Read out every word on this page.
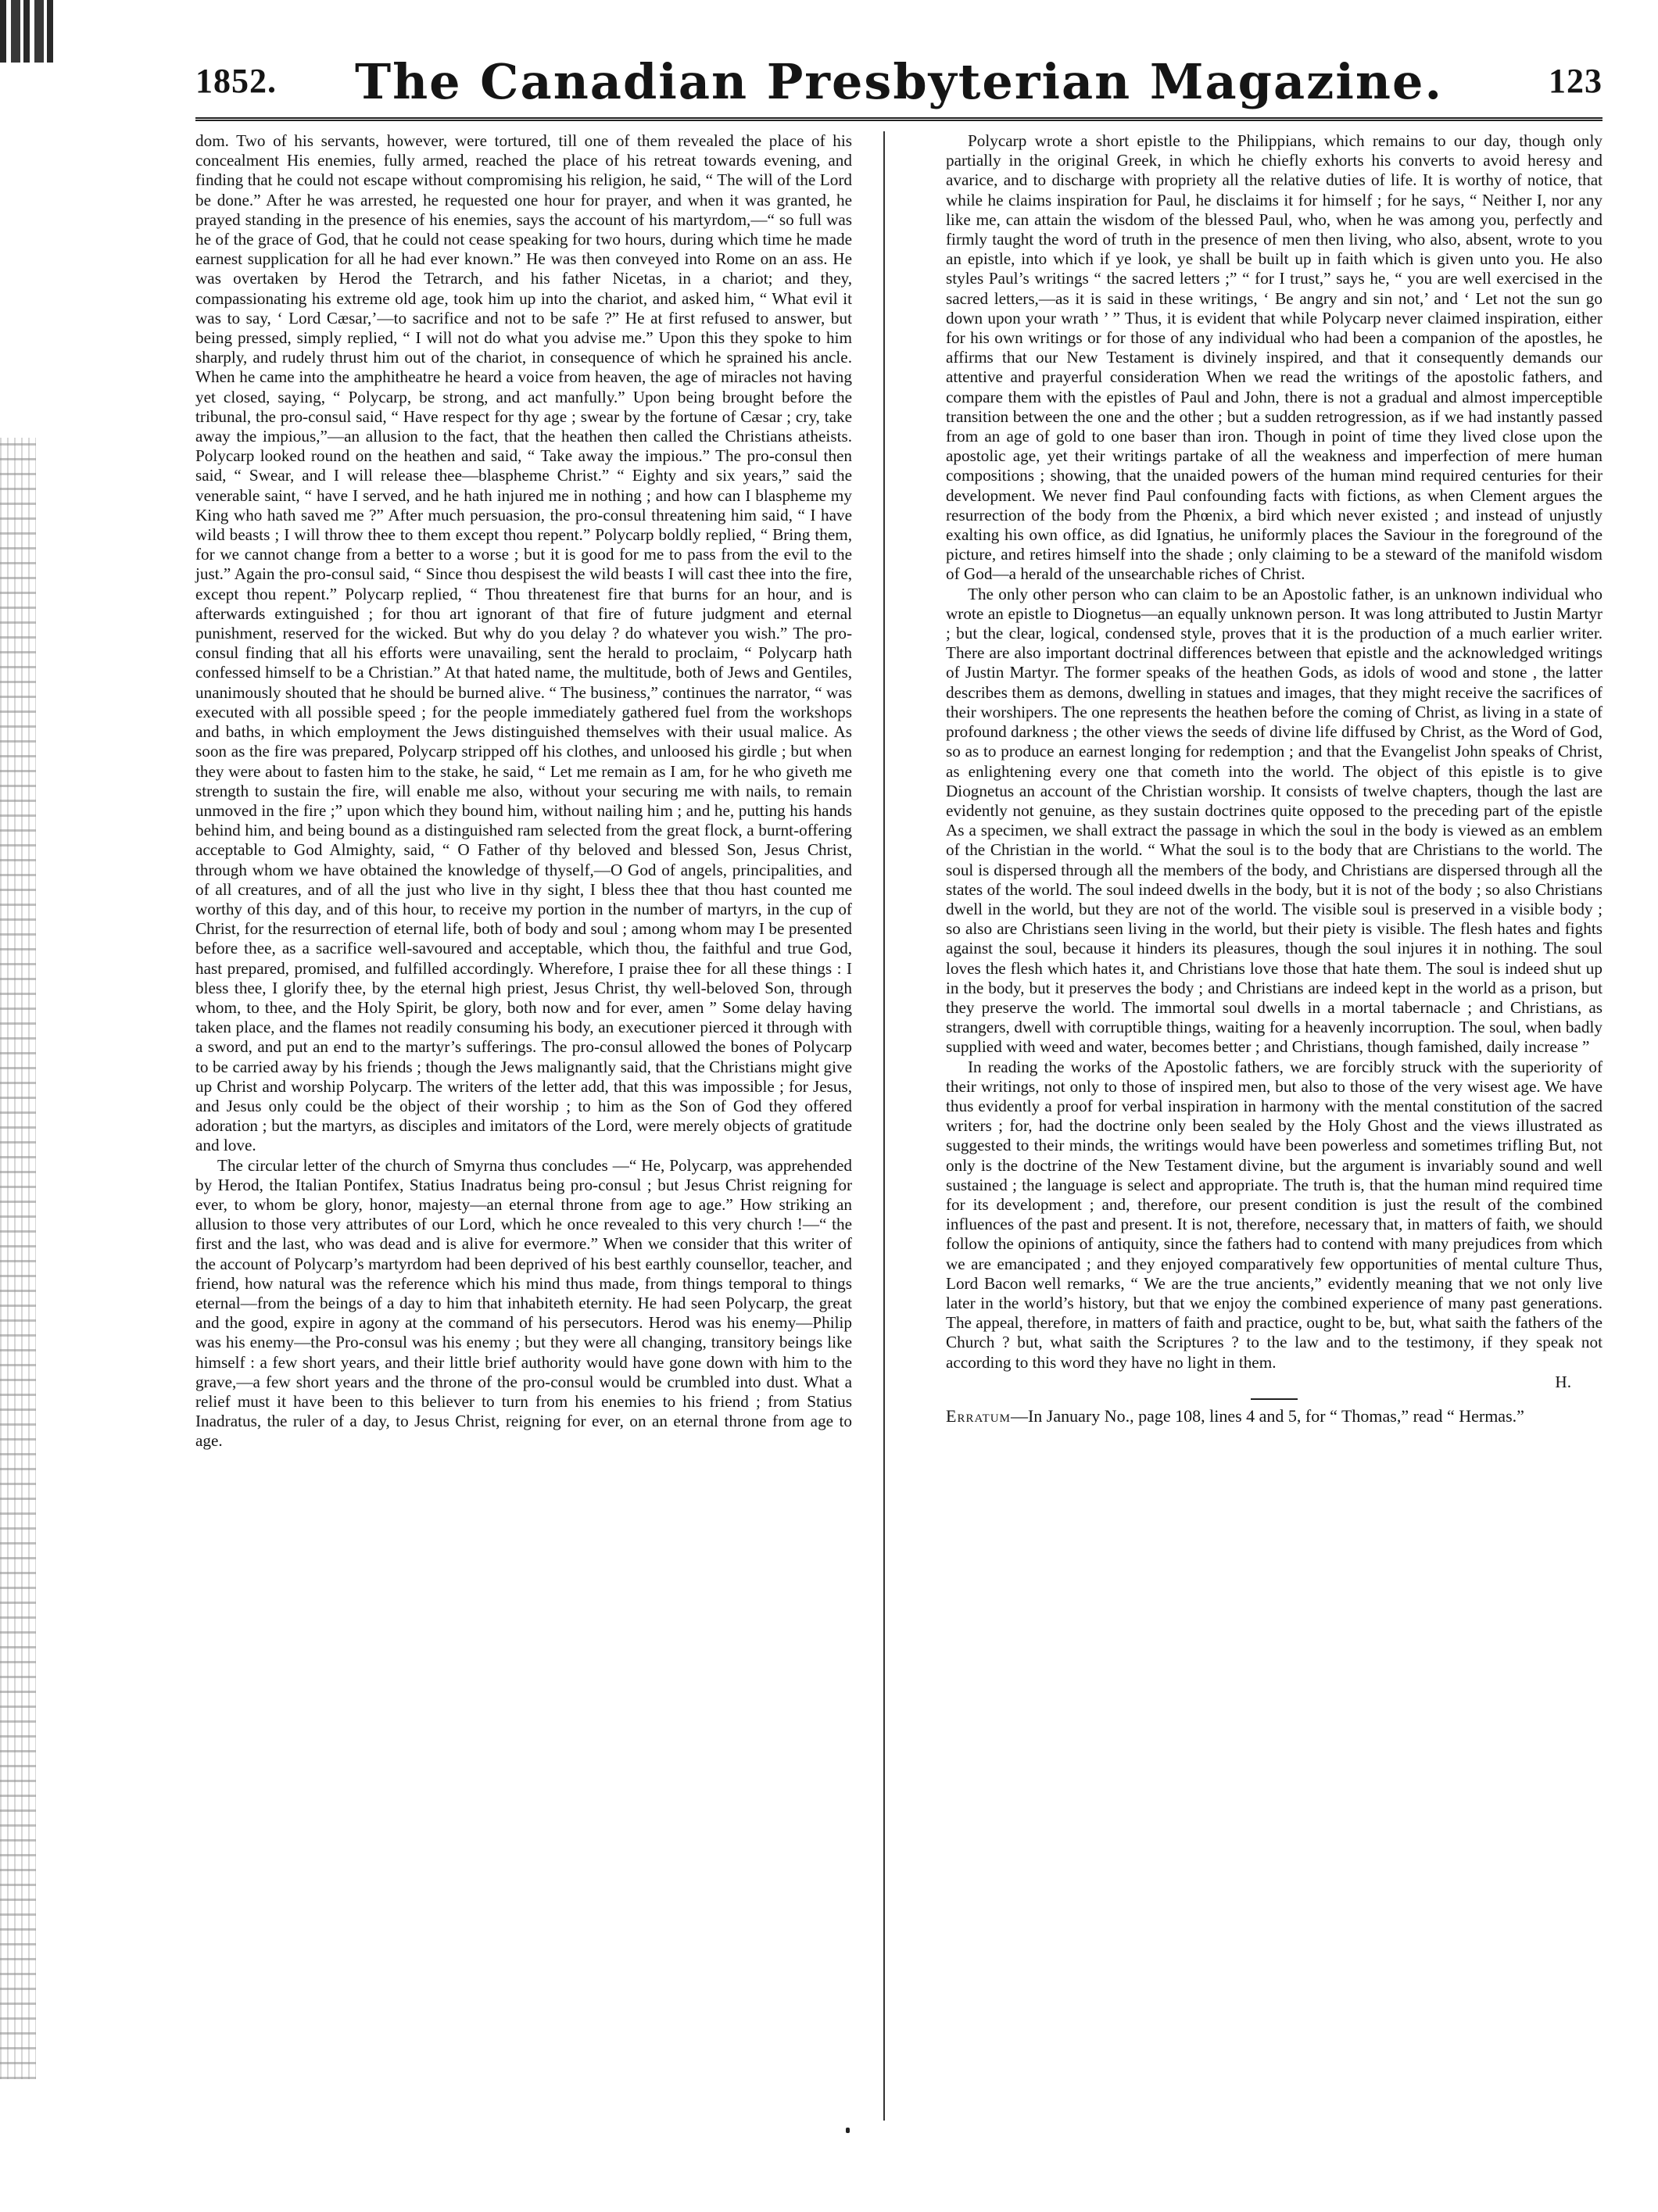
1852.	The Canadian Presbyterian Magazine.	123

dom. Two of his servants, however, were tortured, till one of them revealed the place of his concealment His enemies, fully armed, reached the place of his retreat towards evening, and finding that he could not escape without compromising his religion, he said, “ The will of the Lord be done.” After he was arrested, he requested one hour for prayer, and when it was granted, he prayed standing in the presence of his enemies, says the account of his martyrdom,—“ so full was he of the grace of God, that he could not cease speaking for two hours, during which time he made earnest supplication for all he had ever known.” He was then conveyed into Rome on an ass. He was overtaken by Herod the Tetrarch, and his father Nicetas, in a chariot; and they, compassionating his extreme old age, took him up into the chariot, and asked him, “ What evil it was to say, ‘ Lord Cæsar,’—to sacrifice and not to be safe ?” He at first refused to answer, but being pressed, simply replied, “ I will not do what you advise me.” Upon this they spoke to him sharply, and rudely thrust him out of the chariot, in consequence of which he sprained his ancle. When he came into the amphitheatre he heard a voice from heaven, the age of miracles not having yet closed, saying, “ Polycarp, be strong, and act manfully.” Upon being brought before the tribunal, the pro-consul said, “ Have respect for thy age ; swear by the fortune of Cæsar ; cry, take away the impious,”—an allusion to the fact, that the heathen then called the Christians atheists. Polycarp looked round on the heathen and said, “ Take away the impious.” The pro-consul then said, “ Swear, and I will release thee—blaspheme Christ.” “ Eighty and six years,” said the venerable saint, “ have I served, and he hath injured me in nothing ; and how can I blaspheme my King who hath saved me ?” After much persuasion, the pro-consul threatening him said, “ I have wild beasts ; I will throw thee to them except thou repent.” Polycarp boldly replied, “ Bring them, for we cannot change from a better to a worse ; but it is good for me to pass from the evil to the just.” Again the pro-consul said, “ Since thou despisest the wild beasts I will cast thee into the fire, except thou repent.” Polycarp replied, “ Thou threatenest fire that burns for an hour, and is afterwards extinguished ; for thou art ignorant of that fire of future judgment and eternal punishment, reserved for the wicked. But why do you delay ? do whatever you wish.” The pro-consul finding that all his efforts were unavailing, sent the herald to proclaim, “ Polycarp hath confessed himself to be a Christian.” At that hated name, the multitude, both of Jews and Gentiles, unanimously shouted that he should be burned alive. “ The business,” continues the narrator, “ was executed with all possible speed ; for the people immediately gathered fuel from the workshops and baths, in which employment the Jews distinguished themselves with their usual malice. As soon as the fire was prepared, Polycarp stripped off his clothes, and unloosed his girdle ; but when they were about to fasten him to the stake, he said, “ Let me remain as I am, for he who giveth me strength to sustain the fire, will enable me also, without your securing me with nails, to remain unmoved in the fire ;” upon which they bound him, without nailing him ; and he, putting his hands behind him, and being bound as a distinguished ram selected from the great flock, a burnt-offering acceptable to God Almighty, said, “ O Father of thy beloved and blessed Son, Jesus Christ, through whom we have obtained the knowledge of thyself,—O God of angels, principalities, and of all creatures, and of all the just who live in thy sight, I bless thee that thou hast counted me worthy of this day, and of this hour, to receive my portion in the number of martyrs, in the cup of Christ, for the resurrection of eternal life, both of body and soul ; among whom may I be presented before thee, as a sacrifice well-savoured and acceptable, which thou, the faithful and true God, hast prepared, promised, and fulfilled accordingly. Wherefore, I praise thee for all these things : I bless thee, I glorify thee, by the eternal high priest, Jesus Christ, thy well-beloved Son, through whom, to thee, and the Holy Spirit, be glory, both now and for ever, amen ” Some delay having taken place, and the flames not readily consuming his body, an executioner pierced it through with a sword, and put an end to the martyr’s sufferings. The pro-consul allowed the bones of Polycarp to be carried away by his friends ; though the Jews malignantly said, that the Christians might give up Christ and worship Polycarp. The writers of the letter add, that this was impossible ; for Jesus, and Jesus only could be the object of their worship ; to him as the Son of God they offered adoration ; but the martyrs, as disciples and imitators of the Lord, were merely objects of gratitude and love.

The circular letter of the church of Smyrna thus concludes —“ He, Polycarp, was apprehended by Herod, the Italian Pontifex, Statius Inadratus being pro-consul ; but Jesus Christ reigning for ever, to whom be glory, honor, majesty—an eternal throne from age to age.” How striking an allusion to those very attributes of our Lord, which he once revealed to this very church !—“ the first and the last, who was dead and is alive for evermore.” When we consider that this writer of the account of Polycarp’s martyrdom had been deprived of his best earthly counsellor, teacher, and friend, how natural was the reference which his mind thus made, from things temporal to things eternal—from the beings of a day to him that inhabiteth eternity. He had seen Polycarp, the great and the good, expire in agony at the command of his persecutors. Herod was his enemy—Philip was his enemy—the Pro-consul was his enemy ; but they were all changing, transitory beings like himself : a few short years, and their little brief authority would have gone down with him to the grave,—a few short years and the throne of the pro-consul would be crumbled into dust. What a relief must it have been to this believer to turn from his enemies to his friend ; from Statius Inadratus, the ruler of a day, to Jesus Christ, reigning for ever, on an eternal throne from age to age.

Polycarp wrote a short epistle to the Philippians, which remains to our day, though only partially in the original Greek, in which he chiefly exhorts his converts to avoid heresy and avarice, and to discharge with propriety all the relative duties of life. It is worthy of notice, that while he claims inspiration for Paul, he disclaims it for himself ; for he says, “ Neither I, nor any like me, can attain the wisdom of the blessed Paul, who, when he was among you, perfectly and firmly taught the word of truth in the presence of men then living, who also, absent, wrote to you an epistle, into which if ye look, ye shall be built up in faith which is given unto you. He also styles Paul’s writings “ the sacred letters ;” “ for I trust,” says he, “ you are well exercised in the sacred letters,—as it is said in these writings, ‘ Be angry and sin not,’ and ‘ Let not the sun go down upon your wrath ’ ” Thus, it is evident that while Polycarp never claimed inspiration, either for his own writings or for those of any individual who had been a companion of the apostles, he affirms that our New Testament is divinely inspired, and that it consequently demands our attentive and prayerful consideration When we read the writings of the apostolic fathers, and compare them with the epistles of Paul and John, there is not a gradual and almost imperceptible transition between the one and the other ; but a sudden retrogression, as if we had instantly passed from an age of gold to one baser than iron. Though in point of time they lived close upon the apostolic age, yet their writings partake of all the weakness and imperfection of mere human compositions ; showing, that the unaided powers of the human mind required centuries for their development. We never find Paul confounding facts with fictions, as when Clement argues the resurrection of the body from the Phœnix, a bird which never existed ; and instead of unjustly exalting his own office, as did Ignatius, he uniformly places the Saviour in the foreground of the picture, and retires himself into the shade ; only claiming to be a steward of the manifold wisdom of God—a herald of the unsearchable riches of Christ.

The only other person who can claim to be an Apostolic father, is an unknown individual who wrote an epistle to Diognetus—an equally unknown person. It was long attributed to Justin Martyr ; but the clear, logical, condensed style, proves that it is the production of a much earlier writer. There are also important doctrinal differences between that epistle and the acknowledged writings of Justin Martyr. The former speaks of the heathen Gods, as idols of wood and stone , the latter describes them as demons, dwelling in statues and images, that they might receive the sacrifices of their worshipers. The one represents the heathen before the coming of Christ, as living in a state of profound darkness ; the other views the seeds of divine life diffused by Christ, as the Word of God, so as to produce an earnest longing for redemption ; and that the Evangelist John speaks of Christ, as enlightening every one that cometh into the world. The object of this epistle is to give Diognetus an account of the Christian worship. It consists of twelve chapters, though the last are evidently not genuine, as they sustain doctrines quite opposed to the preceding part of the epistle As a specimen, we shall extract the passage in which the soul in the body is viewed as an emblem of the Christian in the world. “ What the soul is to the body that are Christians to the world. The soul is dispersed through all the members of the body, and Christians are dispersed through all the states of the world. The soul indeed dwells in the body, but it is not of the body ; so also Christians dwell in the world, but they are not of the world. The visible soul is preserved in a visible body ; so also are Christians seen living in the world, but their piety is visible. The flesh hates and fights against the soul, because it hinders its pleasures, though the soul injures it in nothing. The soul loves the flesh which hates it, and Christians love those that hate them. The soul is indeed shut up in the body, but it preserves the body ; and Christians are indeed kept in the world as a prison, but they preserve the world. The immortal soul dwells in a mortal tabernacle ; and Christians, as strangers, dwell with corruptible things, waiting for a heavenly incorruption. The soul, when badly supplied with weed and water, becomes better ; and Christians, though famished, daily increase ”

In reading the works of the Apostolic fathers, we are forcibly struck with the superiority of their writings, not only to those of inspired men, but also to those of the very wisest age. We have thus evidently a proof for verbal inspiration in harmony with the mental constitution of the sacred writers ; for, had the doctrine only been sealed by the Holy Ghost and the views illustrated as suggested to their minds, the writings would have been powerless and sometimes trifling But, not only is the doctrine of the New Testament divine, but the argument is invariably sound and well sustained ; the language is select and appropriate. The truth is, that the human mind required time for its development ; and, therefore, our present condition is just the result of the combined influences of the past and present. It is not, therefore, necessary that, in matters of faith, we should follow the opinions of antiquity, since the fathers had to contend with many prejudices from which we are emancipated ; and they enjoyed comparatively few opportunities of mental culture Thus, Lord Bacon well remarks, “ We are the true ancients,” evidently meaning that we not only live later in the world’s history, but that we enjoy the combined experience of many past generations. The appeal, therefore, in matters of faith and practice, ought to be, but, what saith the fathers of the Church ? but, what saith the Scriptures ? to the law and to the testimony, if they speak not according to this word they have no light in them.

H.
Erratum—In January No., page 108, lines 4 and 5, for “ Thomas,” read “ Hermas.”
